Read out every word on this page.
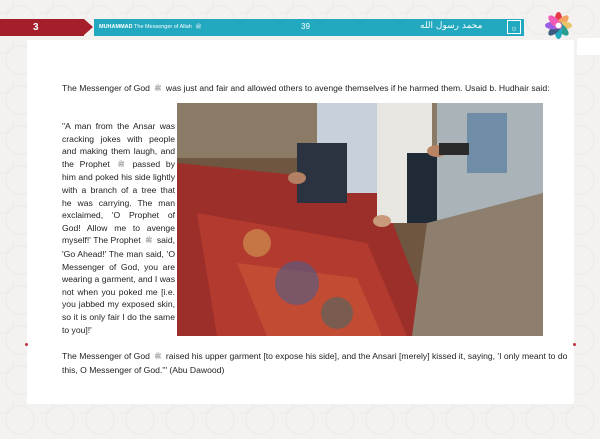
3	MUHAMMAD The Messenger of Allah ﷺ	39	محمد رسول الله	۞
The Messenger of God ﷺ was just and fair and allowed others to avenge themselves if he harmed them. Usaid b. Hudhair said:
"A man from the Ansar was cracking jokes with people and making them laugh, and the Prophet ﷺ passed by him and poked his side lightly with a branch of a tree that he was carrying. The man exclaimed, 'O Prophet of God! Allow me to avenge myself!' The Prophet ﷺ said, 'Go Ahead!' The man said, 'O Messenger of God, you are wearing a garment, and I was not when you poked me [i.e. you jabbed my exposed skin, so it is only fair I do the same to you]!'
The Messenger of God ﷺ raised his upper garment [to expose his side], and the Ansari [merely] kissed it, saying, 'I only meant to do this, O Messenger of God.'" (Abu Dawood)
